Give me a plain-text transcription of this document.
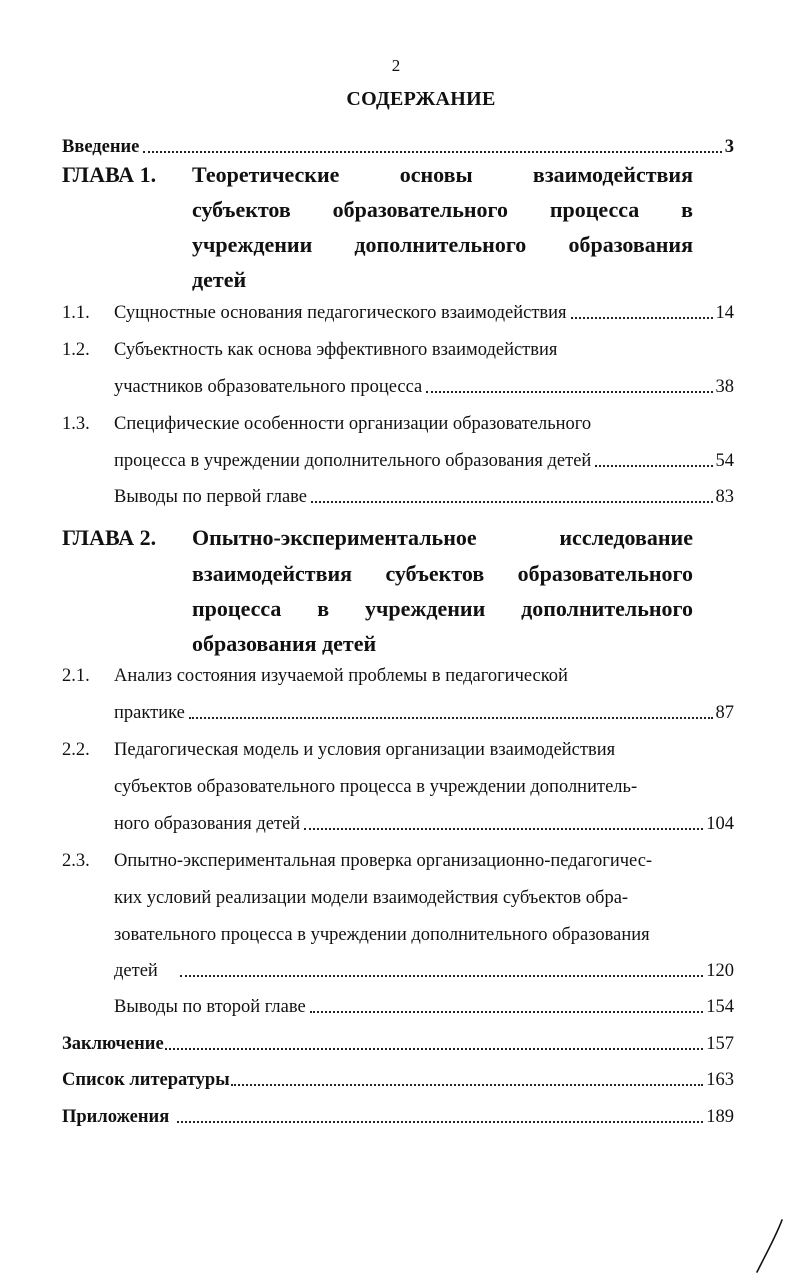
2
СОДЕРЖАНИЕ
Введение	3
ГЛАВА 1. Теоретические основы взаимодействия
субъектов образовательного процесса в
учреждении дополнительного образования
детей
1.1. Сущностные основания педагогического взаимодействия	14
1.2. Субъектность как основа эффективного взаимодействия
участников образовательного процесса	38
1.3. Специфические особенности организации образовательного
процесса в учреждении дополнительного образования детей	54
Выводы по первой главе	83
ГЛАВА 2. Опытно-экспериментальное исследование
взаимодействия субъектов образовательного
процесса в учреждении дополнительного
образования детей
2.1. Анализ состояния изучаемой проблемы в педагогической
практике	87
2.2. Педагогическая модель и условия организации взаимодействия
субъектов образовательного процесса в учреждении дополнитель-
ного образования детей	104
2.3. Опытно-экспериментальная проверка организационно-педагогичес-
ких условий реализации модели взаимодействия субъектов обра-
зовательного процесса в учреждении дополнительного образования
детей	120
Выводы по второй главе	154
Заключение	157
Список литературы	163
Приложения	189
